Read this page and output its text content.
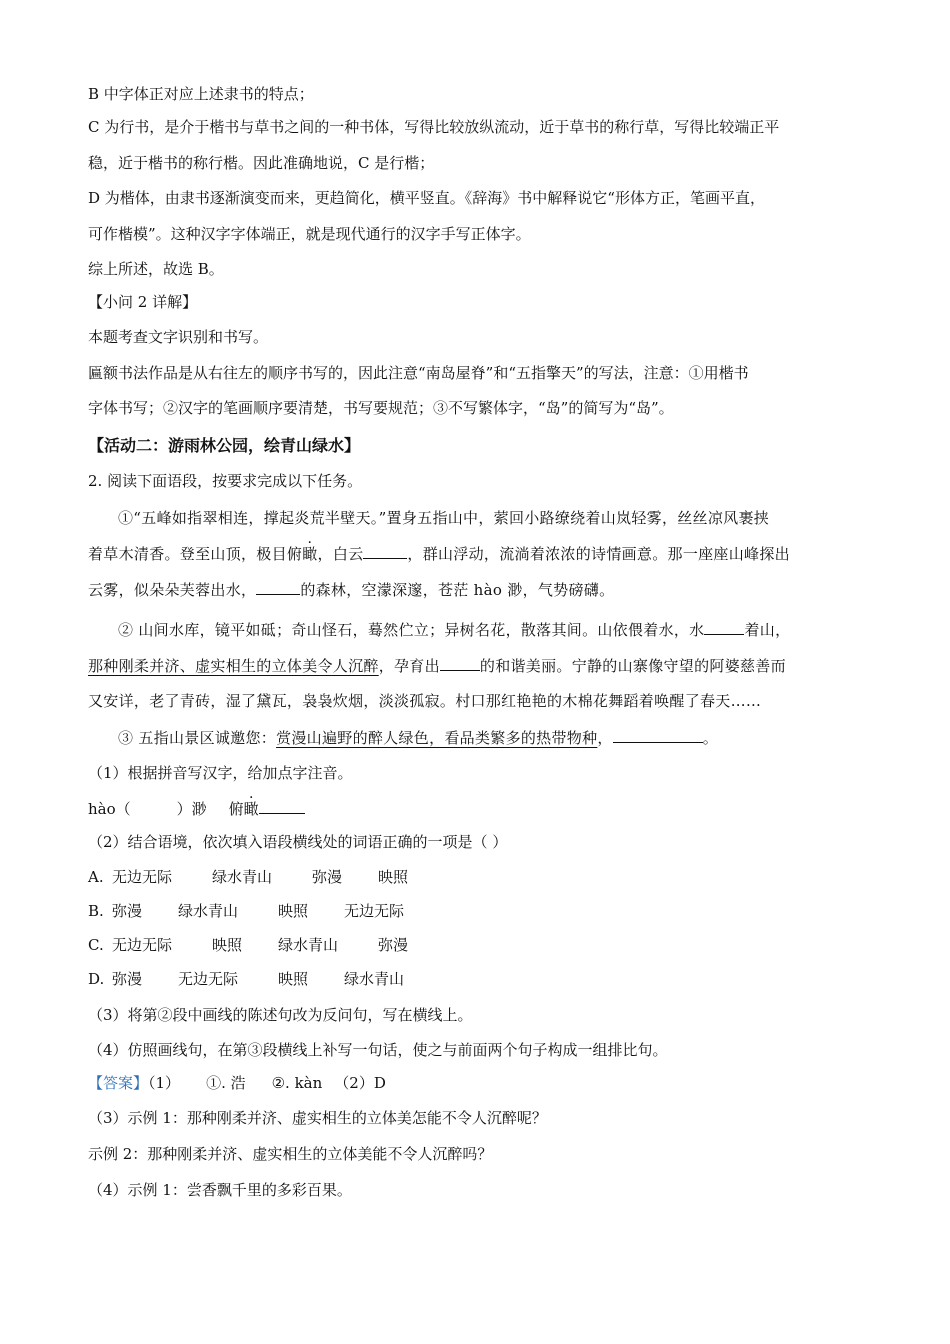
B 中字体正对应上述隶书的特点；
C 为行书，是介于楷书与草书之间的一种书体，写得比较放纵流动，近于草书的称行草，写得比较端正平
稳，近于楷书的称行楷。因此准确地说，C 是行楷；
D 为楷体，由隶书逐渐演变而来，更趋简化，横平竖直。《辞海》书中解释说它“形体方正，笔画平直，
可作楷模”。这种汉字字体端正，就是现代通行的汉字手写正体字。
综上所述，故选 B。
【小问 2 详解】
本题考查文字识别和书写。
匾额书法作品是从右往左的顺序书写的，因此注意“南岛屋脊”和“五指擎天”的写法，注意：①用楷书
字体书写；②汉字的笔画顺序要清楚，书写要规范；③不写繁体字，“岛”的简写为“岛”。
【活动二：游雨林公园，绘青山绿水】
2. 阅读下面语段，按要求完成以下任务。
①“五峰如指翠相连，撑起炎荒半壁天。”置身五指山中，萦回小路缭绕着山岚轻雾，丝丝凉风裹挟
着草木清香。登至山顶，极目俯瞰，白云	，群山浮动，流淌着浓浓的诗情画意。那一座座山峰探出
云雾，似朵朵芙蓉出水，	的森林，空濛深邃，苍茫 hào 渺，气势磅礴。
② 山间水库，镜平如砥；奇山怪石，蓦然伫立；异树名花，散落其间。山依偎着水，水	着山，
那种刚柔并济、虚实相生的立体美令人沉醉，孕育出	的和谐美丽。宁静的山寨像守望的阿婆慈善而
又安详，老了青砖，湿了黛瓦，袅袅炊烟，淡淡孤寂。村口那红艳艳的木棉花舞蹈着唤醒了春天……
③ 五指山景区诚邀您：赏漫山遍野的醉人绿色，看品类繁多的热带物种，	。
（1）根据拼音写汉字，给加点字注音。
hào（	）渺 俯瞰
（2）结合语境，依次填入语段横线处的词语正确的一项是（ ）
A. 无边无际	绿水青山	弥漫 映照
B. 弥漫 绿水青山	映照 无边无际
C. 无边无际	映照 绿水青山	弥漫
D. 弥漫 无边无际	映照 绿水青山
（3）将第②段中画线的陈述句改为反问句，写在横线上。
（4）仿照画线句，在第③段横线上补写一句话，使之与前面两个句子构成一组排比句。
【答案】（1） ①. 浩 ②. kàn （2）D
（3）示例 1：那种刚柔并济、虚实相生的立体美怎能不令人沉醉呢？
示例 2：那种刚柔并济、虚实相生的立体美能不令人沉醉吗？
（4）示例 1：尝香飘千里的多彩百果。
